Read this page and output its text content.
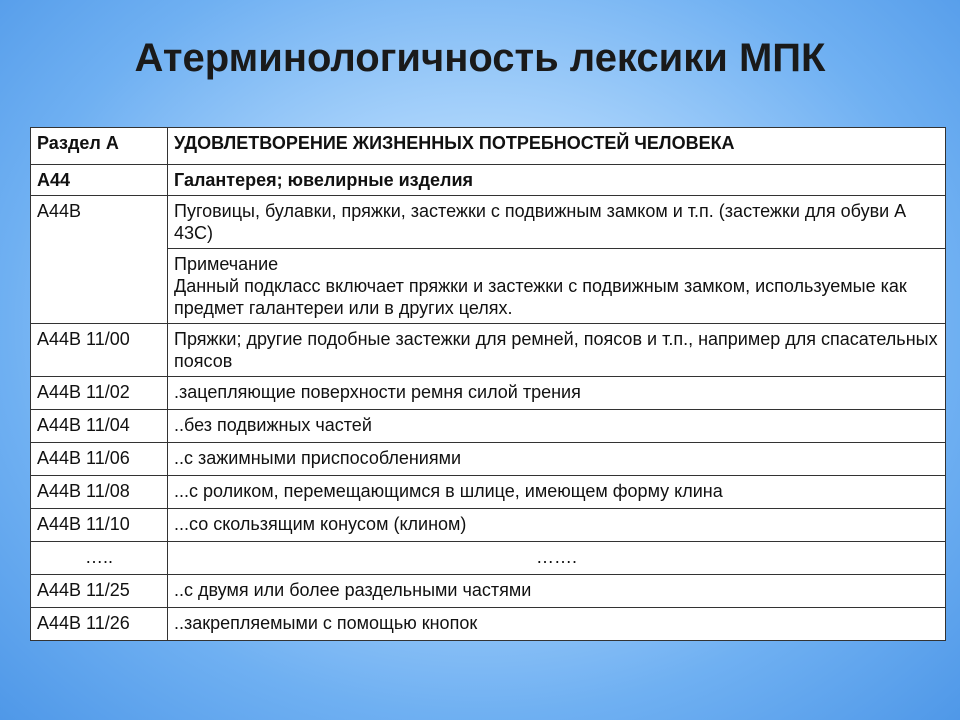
Атерминологичность лексики МПК
Раздел А	УДОВЛЕТВОРЕНИЕ ЖИЗНЕННЫХ ПОТРЕБНОСТЕЙ ЧЕЛОВЕКА
А44	Галантерея; ювелирные изделия
А44В	Пуговицы, булавки, пряжки, застежки с подвижным замком и т.п. (застежки для обуви А 43С)

	Примечание
Данный подкласс включает пряжки и застежки с подвижным замком, используемые как предмет галантереи или в других целях.

А44В 11/00	Пряжки; другие подобные застежки для ремней, поясов и т.п., например для спасательных поясов
А44В 11/02	.зацепляющие поверхности ремня силой трения
А44В 11/04	..без подвижных частей
А44В 11/06	..с зажимными приспособлениями
А44В 11/08	...с роликом, перемещающимся в шлице, имеющем форму клина
А44В 11/10	...со скользящим конусом (клином)
…..	…….
А44В 11/25	..с двумя или более раздельными частями
А44В 11/26	..закрепляемыми с помощью кнопок
